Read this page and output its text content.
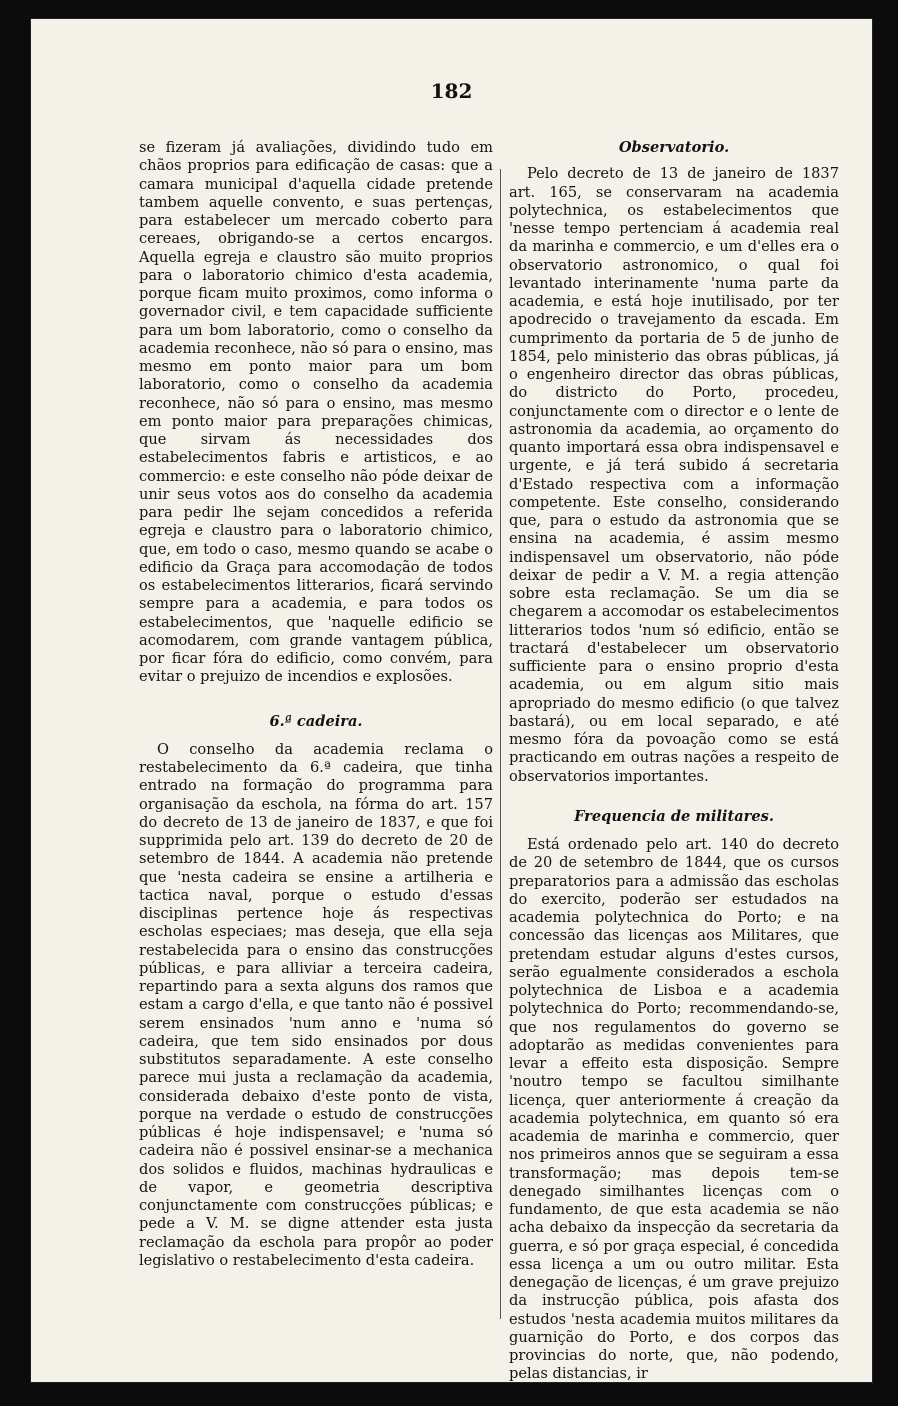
182

se fizeram já avaliações, dividindo tudo em chãos proprios para edificação de casas: que a camara municipal d'aquella cidade pretende tambem aquelle convento, e suas pertenças, para estabelecer um mercado coberto para cereaes, obrigando-se a certos encargos. Aquella egreja e claustro são muito proprios para o laboratorio chimico d'esta academia, porque ficam muito proximos, como informa o governador civil, e tem capacidade sufficiente para um bom laboratorio, como o conselho da academia reconhece, não só para o ensino, mas mesmo em ponto maior para um bom laboratorio, como o conselho da academia reconhece, não só para o ensino, mas mesmo em ponto maior para preparações chimicas, que sirvam ás necessidades dos estabelecimentos fabris e artisticos, e ao commercio: e este conselho não póde deixar de unir seus votos aos do conselho da academia para pedir lhe sejam concedidos a referida egreja e claustro para o laboratorio chimico, que, em todo o caso, mesmo quando se acabe o edificio da Graça para accomodação de todos os estabelecimentos litterarios, ficará servindo sempre para a academia, e para todos os estabelecimentos, que 'naquelle edificio se acomodarem, com grande vantagem pública, por ficar fóra do edificio, como convém, para evitar o prejuizo de incendios e explosões.

6.ª cadeira.

O conselho da academia reclama o restabelecimento da 6.ª cadeira, que tinha entrado na formação do programma para organisação da eschola, na fórma do art. 157 do decreto de 13 de janeiro de 1837, e que foi supprimida pelo art. 139 do decreto de 20 de setembro de 1844. A academia não pretende que 'nesta cadeira se ensine a artilheria e tactica naval, porque o estudo d'essas disciplinas pertence hoje ás respectivas escholas especiaes; mas deseja, que ella seja restabelecida para o ensino das construcções públicas, e para alliviar a terceira cadeira, repartindo para a sexta alguns dos ramos que estam a cargo d'ella, e que tanto não é possivel serem ensinados 'num anno e 'numa só cadeira, que tem sido ensinados por dous substitutos separadamente. A este conselho parece mui justa a reclamação da academia, considerada debaixo d'este ponto de vista, porque na verdade o estudo de construcções públicas é hoje indispensavel; e 'numa só cadeira não é possivel ensinar-se a mechanica dos solidos e fluidos, machinas hydraulicas e de vapor, e geometria descriptiva conjunctamente com construcções públicas; e pede a V. M. se digne attender esta justa reclamação da eschola para propôr ao poder legislativo o restabelecimento d'esta cadeira.

Observatorio.

Pelo decreto de 13 de janeiro de 1837 art. 165, se conservaram na academia polytechnica, os estabelecimentos que 'nesse tempo pertenciam á academia real da marinha e commercio, e um d'elles era o observatorio astronomico, o qual foi levantado interinamente 'numa parte da academia, e está hoje inutilisado, por ter apodrecido o travejamento da escada. Em cumprimento da portaria de 5 de junho de 1854, pelo ministerio das obras públicas, já o engenheiro director das obras públicas, do districto do Porto, procedeu, conjunctamente com o director e o lente de astronomia da academia, ao orçamento do quanto importará essa obra indispensavel e urgente, e já terá subido á secretaria d'Estado respectiva com a informação competente. Este conselho, considerando que, para o estudo da astronomia que se ensina na academia, é assim mesmo indispensavel um observatorio, não póde deixar de pedir a V. M. a regia attenção sobre esta reclamação. Se um dia se chegarem a accomodar os estabelecimentos litterarios todos 'num só edificio, então se tractará d'estabelecer um observatorio sufficiente para o ensino proprio d'esta academia, ou em algum sitio mais apropriado do mesmo edificio (o que talvez bastará), ou em local separado, e até mesmo fóra da povoação como se está practicando em outras nações a respeito de observatorios importantes.

Frequencia de militares.

Está ordenado pelo art. 140 do decreto de 20 de setembro de 1844, que os cursos preparatorios para a admissão das escholas do exercito, poderão ser estudados na academia polytechnica do Porto; e na concessão das licenças aos Militares, que pretendam estudar alguns d'estes cursos, serão egualmente considerados a eschola polytechnica de Lisboa e a academia polytechnica do Porto; recommendando-se, que nos regulamentos do governo se adoptarão as medidas convenientes para levar a effeito esta disposição. Sempre 'noutro tempo se facultou similhante licença, quer anteriormente á creação da academia polytechnica, em quanto só era academia de marinha e commercio, quer nos primeiros annos que se seguiram a essa transformação; mas depois tem-se denegado similhantes licenças com o fundamento, de que esta academia se não acha debaixo da inspecção da secretaria da guerra, e só por graça especial, é concedida essa licença a um ou outro militar. Esta denegação de licenças, é um grave prejuizo da instrucção pública, pois afasta dos estudos 'nesta academia muitos militares da guarnição do Porto, e dos corpos das provincias do norte, que, não podendo, pelas distancias, ir
